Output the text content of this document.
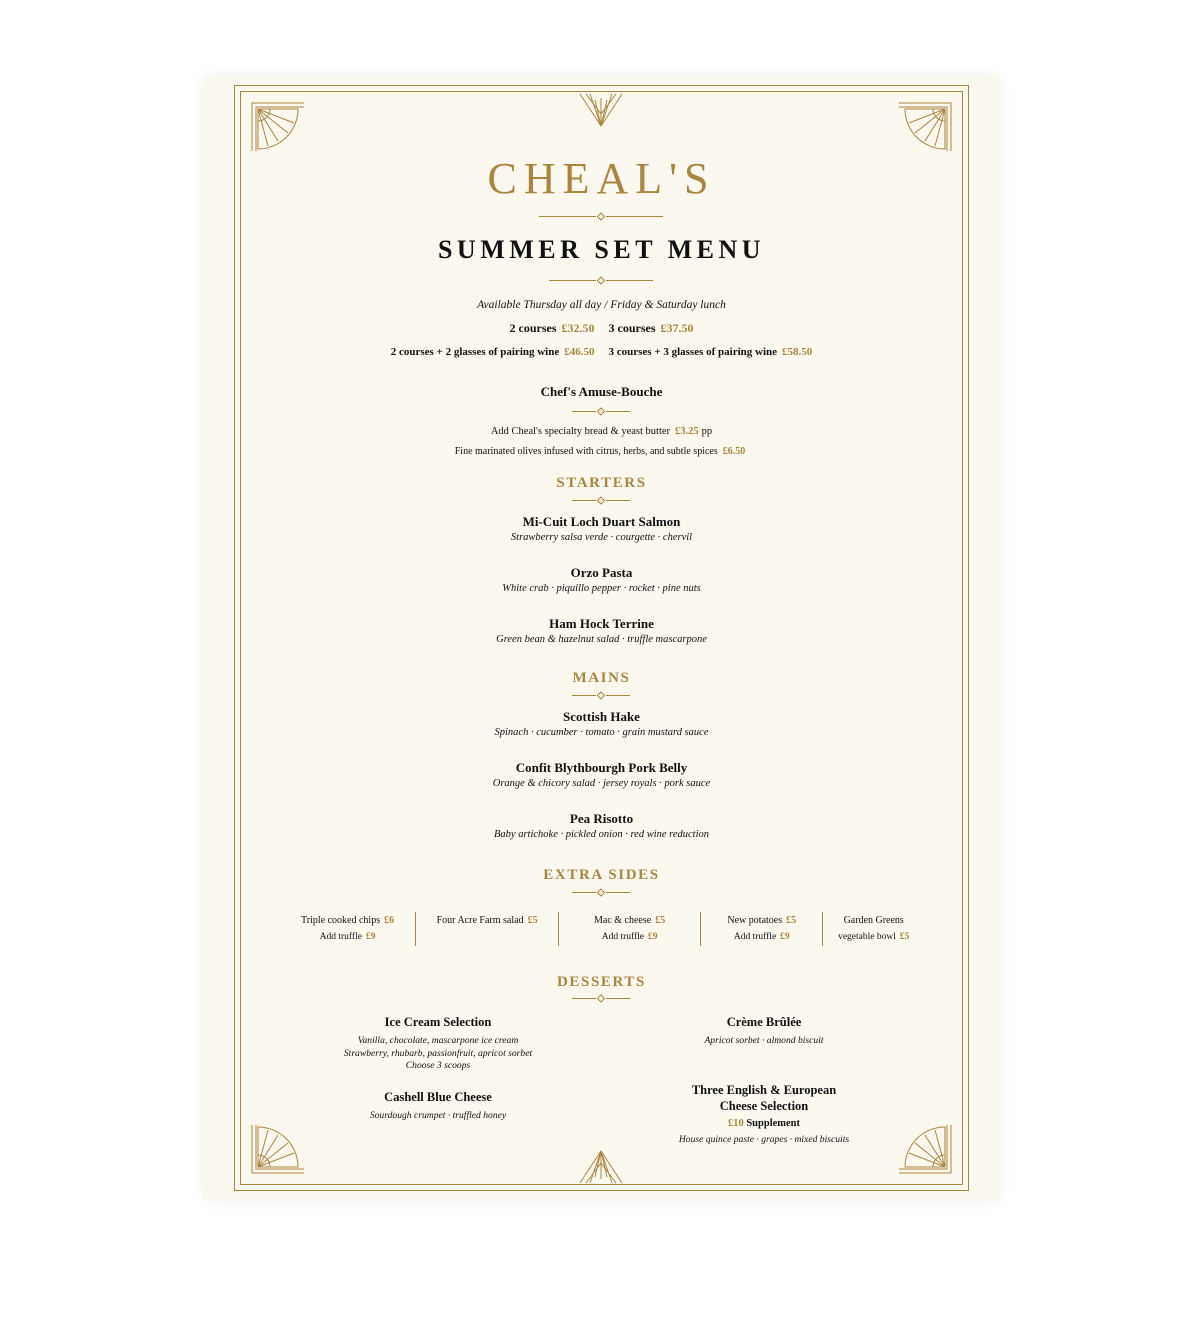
CHEAL'S
SUMMER SET MENU
Available Thursday all day / Friday & Saturday lunch
2 courses £32.50 3 courses £37.50
2 courses + 2 glasses of pairing wine £46.50 3 courses + 3 glasses of pairing wine £58.50
Chef's Amuse-Bouche
Add Cheal's specialty bread & yeast butter £3.25 pp
Fine marinated olives infused with citrus, herbs, and subtle spices £6.50
STARTERS
Mi-Cuit Loch Duart Salmon
Strawberry salsa verde · courgette · chervil
Orzo Pasta
White crab · piquillo pepper · rocket · pine nuts
Ham Hock Terrine
Green bean & hazelnut salad · truffle mascarpone
MAINS
Scottish Hake
Spinach · cucumber · tomato · grain mustard sauce
Confit Blythbourgh Pork Belly
Orange & chicory salad · jersey royals · pork sauce
Pea Risotto
Baby artichoke · pickled onion · red wine reduction
EXTRA SIDES
Triple cooked chips £6
Add truffle £9
Four Acre Farm salad £5	Mac & cheese £5
Add truffle £9
New potatoes £5
Add truffle £9
Garden Greens
vegetable bowl £5
DESSERTS
Ice Cream Selection
Vanilla, chocolate, mascarpone ice cream
Strawberry, rhubarb, passionfruit, apricot sorbet
Choose 3 scoops
Crème Brûlée
Apricot sorbet · almond biscuit
Cashell Blue Cheese
Sourdough crumpet · truffled honey
Three English & European
Cheese Selection
£10 Supplement
House quince paste · grapes · mixed biscuits
